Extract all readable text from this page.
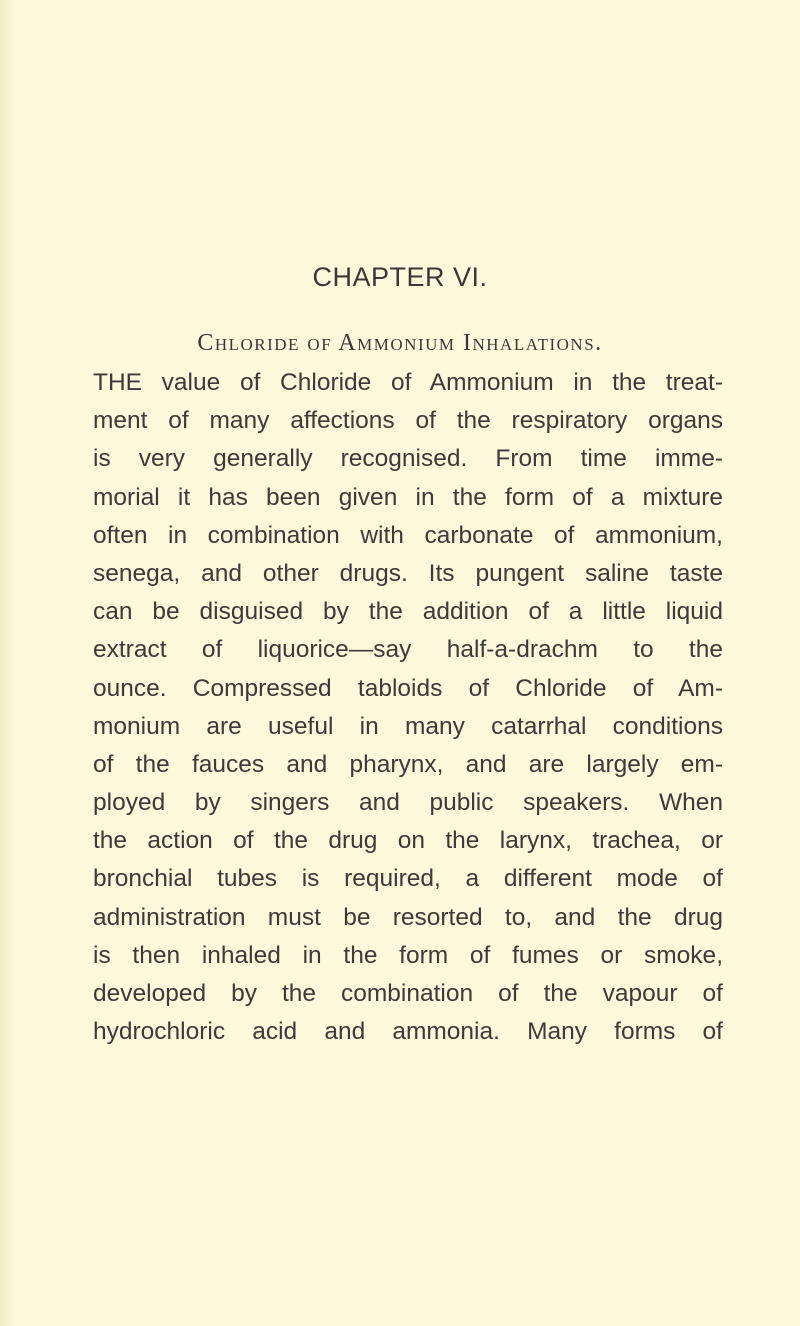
CHAPTER VI.
Chloride of Ammonium Inhalations.
THE value of Chloride of Ammonium in the treat-
ment of many affections of the respiratory organs
is very generally recognised. From time imme-
morial it has been given in the form of a mixture
often in combination with carbonate of ammonium,
senega, and other drugs. Its pungent saline taste
can be disguised by the addition of a little liquid
extract of liquorice—say half-a-drachm to the
ounce. Compressed tabloids of Chloride of Am-
monium are useful in many catarrhal conditions
of the fauces and pharynx, and are largely em-
ployed by singers and public speakers. When
the action of the drug on the larynx, trachea, or
bronchial tubes is required, a different mode of
administration must be resorted to, and the drug
is then inhaled in the form of fumes or smoke,
developed by the combination of the vapour of
hydrochloric acid and ammonia. Many forms of
